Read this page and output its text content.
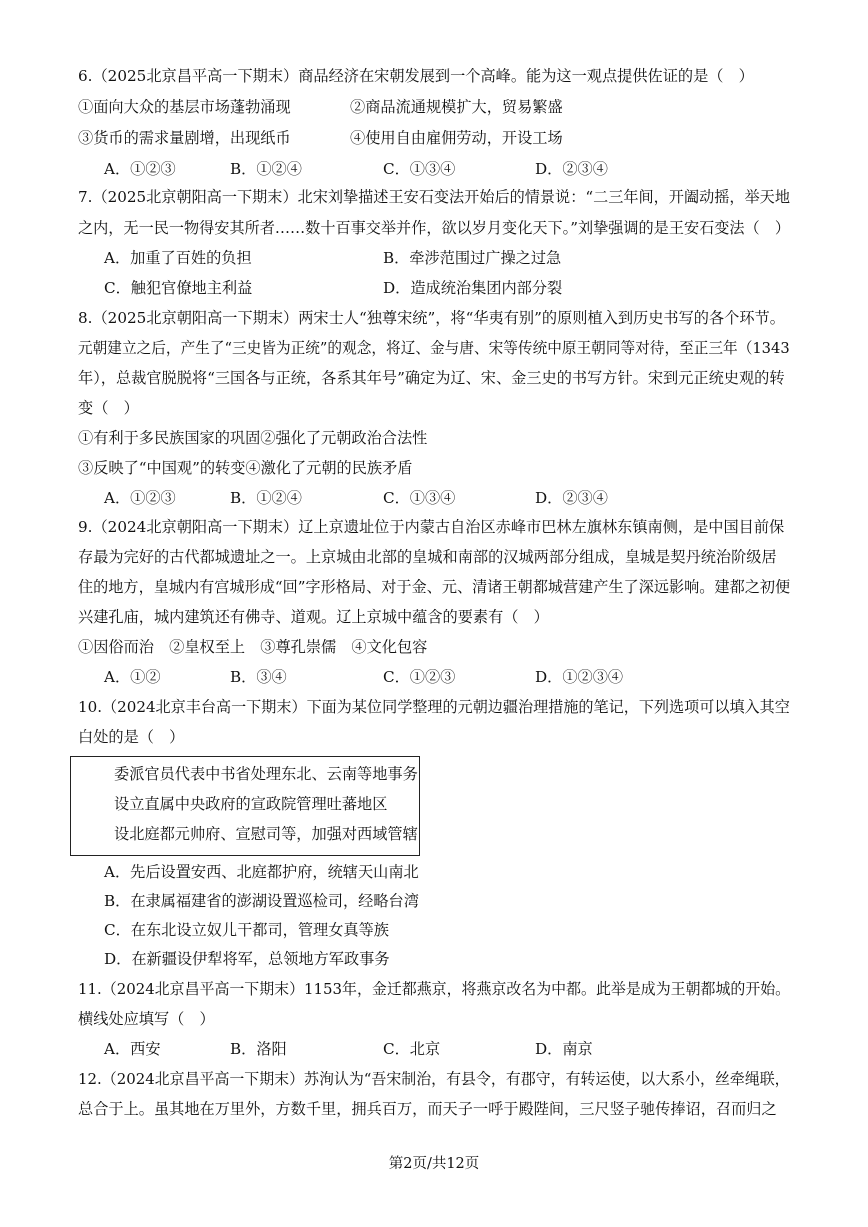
6.（2025北京昌平高一下期末）商品经济在宋朝发展到一个高峰。能为这一观点提供佐证的是（　）
①面向大众的基层市场蓬勃涌现	②商品流通规模扩大，贸易繁盛
③货币的需求量剧增，出现纸币	④使用自由雇佣劳动，开设工场
A．①②③	B．①②④	C．①③④	D．②③④
7.（2025北京朝阳高一下期末）北宋刘挚描述王安石变法开始后的情景说：“二三年间，开阖动摇，举天地
之内，无一民一物得安其所者……数十百事交举并作，欲以岁月变化天下。”刘挚强调的是王安石变法（　）
A．加重了百姓的负担	B．牵涉范围过广操之过急
C．触犯官僚地主利益	D．造成统治集团内部分裂
8.（2025北京朝阳高一下期末）两宋士人“独尊宋统”，将“华夷有别”的原则植入到历史书写的各个环节。
元朝建立之后，产生了“三史皆为正统”的观念，将辽、金与唐、宋等传统中原王朝同等对待，至正三年（1343
年），总裁官脱脱将“三国各与正统，各系其年号”确定为辽、宋、金三史的书写方针。宋到元正统史观的转
变（　）
①有利于多民族国家的巩固②强化了元朝政治合法性
③反映了“中国观”的转变④激化了元朝的民族矛盾
A．①②③	B．①②④	C．①③④	D．②③④
9.（2024北京朝阳高一下期末）辽上京遗址位于内蒙古自治区赤峰市巴林左旗林东镇南侧，是中国目前保
存最为完好的古代都城遗址之一。上京城由北部的皇城和南部的汉城两部分组成，皇城是契丹统治阶级居
住的地方，皇城内有宫城形成“回”字形格局、对于金、元、清诸王朝都城营建产生了深远影响。建都之初便
兴建孔庙，城内建筑还有佛寺、道观。辽上京城中蕴含的要素有（　）
①因俗而治　②皇权至上　③尊孔崇儒　④文化包容
A．①②	B．③④	C．①②③	D．①②③④
10.（2024北京丰台高一下期末）下面为某位同学整理的元朝边疆治理措施的笔记，下列选项可以填入其空
白处的是（　）
委派官员代表中书省处理东北、云南等地事务
设立直属中央政府的宣政院管理吐蕃地区
设北庭都元帅府、宣慰司等，加强对西域管辖
A．先后设置安西、北庭都护府，统辖天山南北
B．在隶属福建省的澎湖设置巡检司，经略台湾
C．在东北设立奴儿干都司，管理女真等族
D．在新疆设伊犁将军，总领地方军政事务
11.（2024北京昌平高一下期末）1153年，金迁都燕京，将燕京改名为中都。此举是成为王朝都城的开始。
横线处应填写（　）
A．西安	B．洛阳	C．北京	D．南京
12.（2024北京昌平高一下期末）苏洵认为“吾宋制治，有县令，有郡守，有转运使，以大系小，丝牵绳联，
总合于上。虽其地在万里外，方数千里，拥兵百万，而天子一呼于殿陛间，三尺竖子驰传捧诏，召而归之
第2页/共12页
